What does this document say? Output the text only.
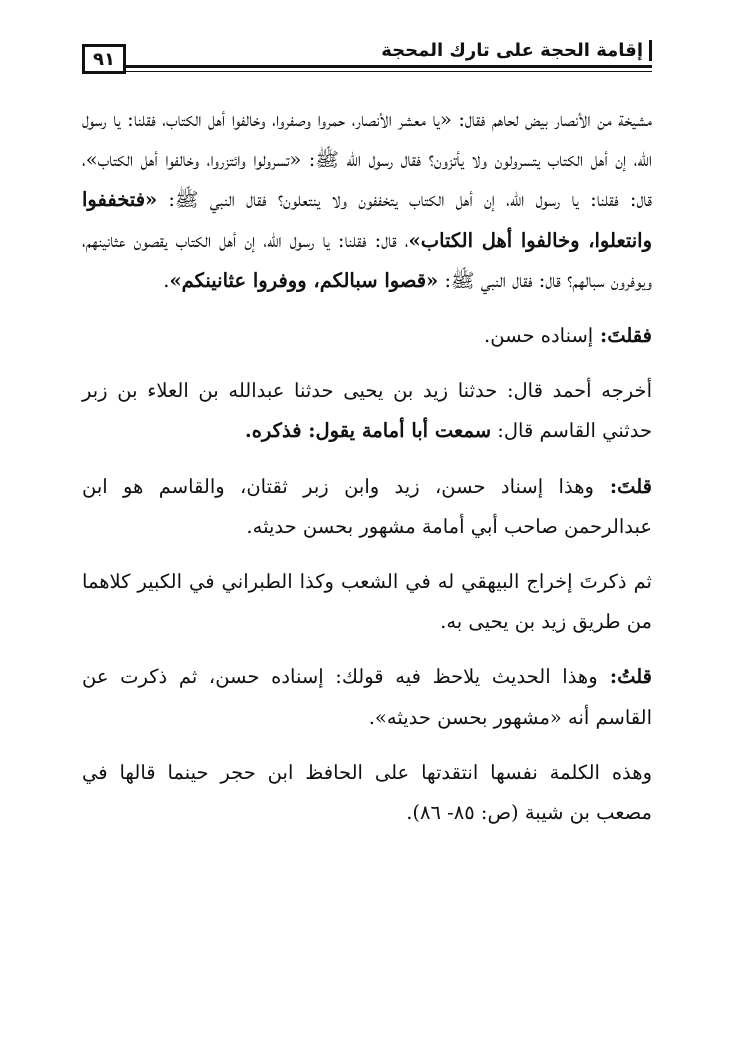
٩١	إقامة الحجة على تارك المحجة

مشيخة من الأنصار بيض لحاهم فقال: «يا معشر الأنصار، حمروا وصفروا، وخالفوا أهل الكتاب، فقلنا: يا رسول الله، إن أهل الكتاب يتسرولون ولا يأتزون؟ فقال رسول الله ﷺ: «تسرولوا وائتزروا، وخالفوا أهل الكتاب»، قال: فقلنا: يا رسول الله، إن أهل الكتاب يتخففون ولا ينتعلون؟ فقال النبي ﷺ: «فتخففوا وانتعلوا، وخالفوا أهل الكتاب»، قال: فقلنا: يا رسول الله، إن أهل الكتاب يقصون عثانينهم، ويوفرون سبالهم؟ قال: فقال النبي ﷺ: «قصوا سبالكم، ووفروا عثانينكم».

فقلتَ: إسناده حسن.

أخرجه أحمد قال: حدثنا زيد بن يحيى حدثنا عبدالله بن العلاء بن زبر حدثني القاسم قال: سمعت أبا أمامة يقول: فذكره.

قلتَ: وهذا إسناد حسن، زيد وابن زبر ثقتان، والقاسم هو ابن عبدالرحمن صاحب أبي أمامة مشهور بحسن حديثه.

ثم ذكرتَ إخراج البيهقي له في الشعب وكذا الطبراني في الكبير كلاهما من طريق زيد بن يحيى به.

قلتُ: وهذا الحديث يلاحظ فيه قولك: إسناده حسن، ثم ذكرت عن القاسم أنه «مشهور بحسن حديثه».

وهذه الكلمة نفسها انتقدتها على الحافظ ابن حجر حينما قالها في مصعب بن شيبة (ص: ٨٥- ٨٦).
